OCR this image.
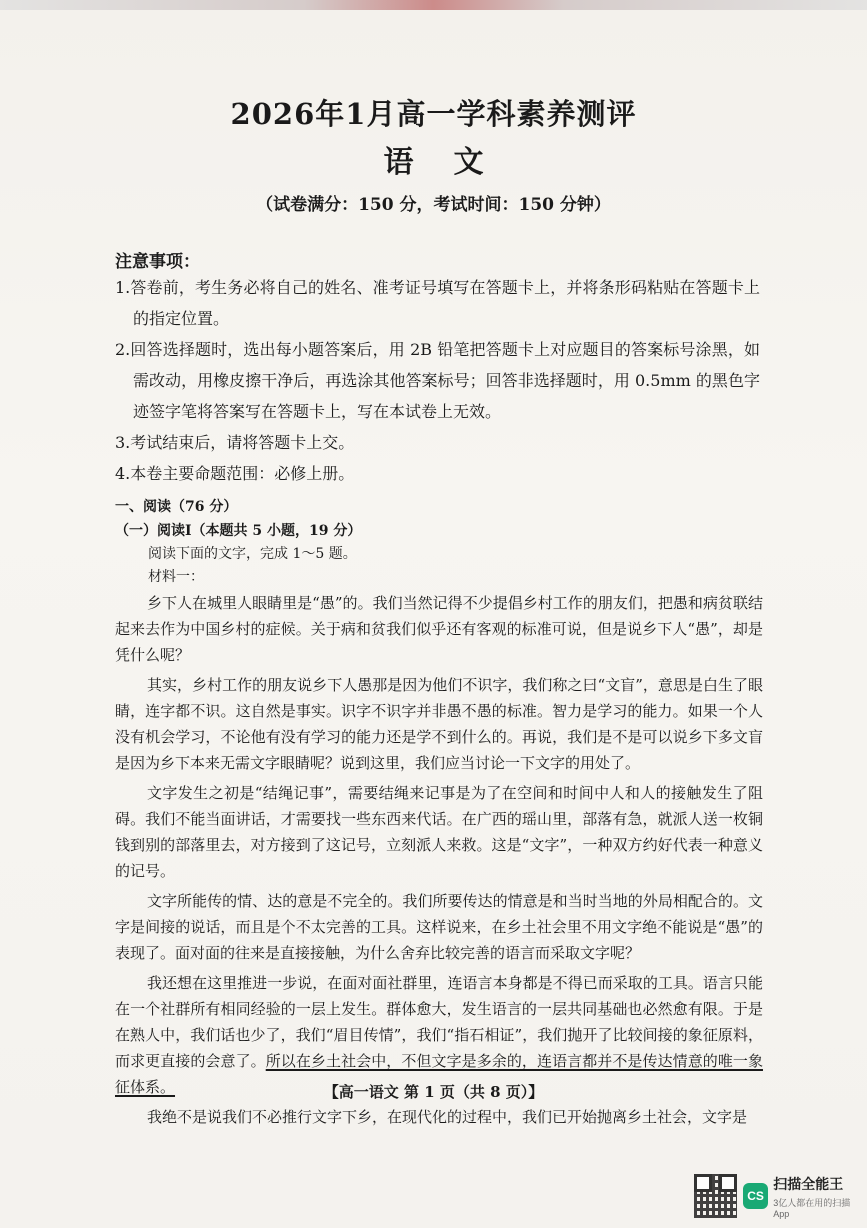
2026年1月高一学科素养测评
语文
（试卷满分：150 分，考试时间：150 分钟）
注意事项：
1.答卷前，考生务必将自己的姓名、准考证号填写在答题卡上，并将条形码粘贴在答题卡上的指定位置。
2.回答选择题时，选出每小题答案后，用 2B 铅笔把答题卡上对应题目的答案标号涂黑，如需改动，用橡皮擦干净后，再选涂其他答案标号；回答非选择题时，用 0.5mm 的黑色字迹签字笔将答案写在答题卡上，写在本试卷上无效。
3.考试结束后，请将答题卡上交。
4.本卷主要命题范围：必修上册。
一、阅读（76 分）
（一）阅读Ⅰ（本题共 5 小题，19 分）
阅读下面的文字，完成 1～5 题。
材料一：

乡下人在城里人眼睛里是“愚”的。我们当然记得不少提倡乡村工作的朋友们，把愚和病贫联结起来去作为中国乡村的症候。关于病和贫我们似乎还有客观的标准可说，但是说乡下人“愚”，却是凭什么呢？

其实，乡村工作的朋友说乡下人愚那是因为他们不识字，我们称之曰“文盲”，意思是白生了眼睛，连字都不识。这自然是事实。识字不识字并非愚不愚的标准。智力是学习的能力。如果一个人没有机会学习，不论他有没有学习的能力还是学不到什么的。再说，我们是不是可以说乡下多文盲是因为乡下本来无需文字眼睛呢？说到这里，我们应当讨论一下文字的用处了。

文字发生之初是“结绳记事”，需要结绳来记事是为了在空间和时间中人和人的接触发生了阻碍。我们不能当面讲话，才需要找一些东西来代话。在广西的瑶山里，部落有急，就派人送一枚铜钱到别的部落里去，对方接到了这记号，立刻派人来救。这是“文字”，一种双方约好代表一种意义的记号。

文字所能传的情、达的意是不完全的。我们所要传达的情意是和当时当地的外局相配合的。文字是间接的说话，而且是个不太完善的工具。这样说来，在乡土社会里不用文字绝不能说是“愚”的表现了。面对面的往来是直接接触，为什么舍弃比较完善的语言而采取文字呢？

我还想在这里推进一步说，在面对面社群里，连语言本身都是不得已而采取的工具。语言只能在一个社群所有相同经验的一层上发生。群体愈大，发生语言的一层共同基础也必然愈有限。于是在熟人中，我们话也少了，我们“眉目传情”，我们“指石相证”，我们抛开了比较间接的象征原料，而求更直接的会意了。所以在乡土社会中，不但文字是多余的，连语言都并不是传达情意的唯一象征体系。

我绝不是说我们不必推行文字下乡，在现代化的过程中，我们已开始抛离乡土社会，文字是

【高一语文 第 1 页（共 8 页）】
CS
扫描全能王
3亿人都在用的扫描App
